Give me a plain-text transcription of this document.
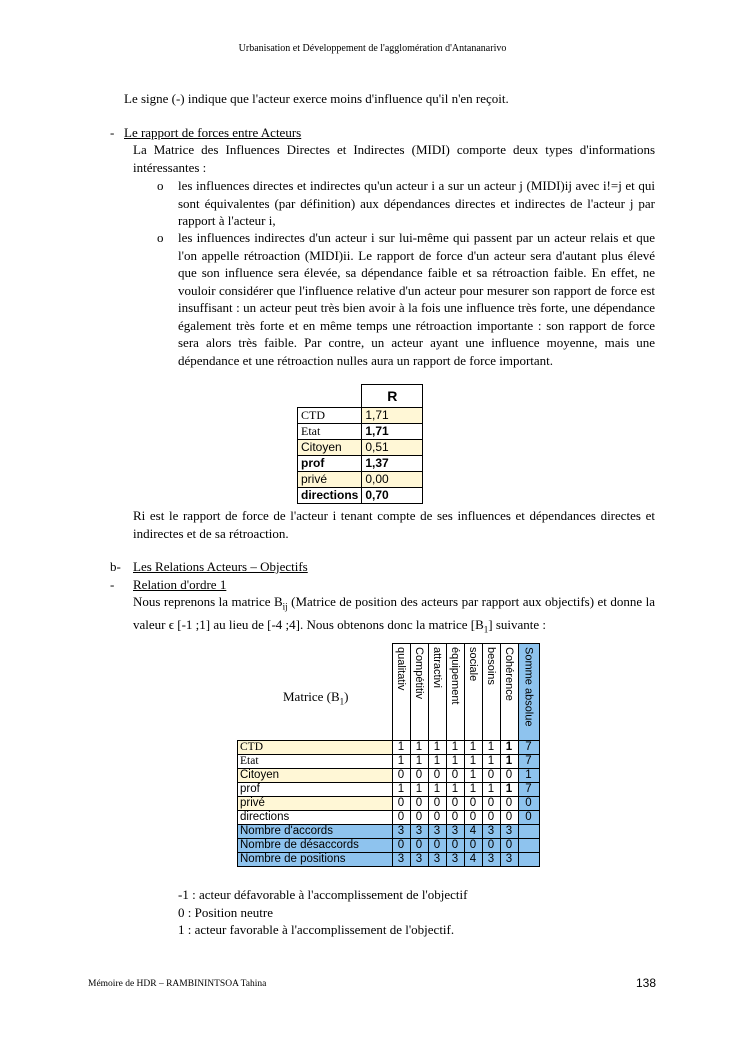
Urbanisation et Développement de l'agglomération d'Antananarivo
Le signe (-) indique que l'acteur exerce moins d'influence qu'il n'en reçoit.
- Le rapport de forces entre Acteurs
La Matrice des Influences Directes et Indirectes (MIDI) comporte deux types d'informations intéressantes :
o les influences directes et indirectes qu'un acteur i a sur un acteur j (MIDI)ij avec i!=j et qui sont équivalentes (par définition) aux dépendances directes et indirectes de l'acteur j par rapport à l'acteur i,
o les influences indirectes d'un acteur i sur lui-même qui passent par un acteur relais et que l'on appelle rétroaction (MIDI)ii. Le rapport de force d'un acteur sera d'autant plus élevé que son influence sera élevée, sa dépendance faible et sa rétroaction faible. En effet, ne vouloir considérer que l'influence relative d'un acteur pour mesurer son rapport de force est insuffisant : un acteur peut très bien avoir à la fois une influence très forte, une dépendance également très forte et en même temps une rétroaction importante : son rapport de force sera alors très faible. Par contre, un acteur ayant une influence moyenne, mais une dépendance et une rétroaction nulles aura un rapport de force important.
	R
CTD	1,71
Etat	1,71
Citoyen	0,51
prof	1,37
privé	0,00
directions	0,70
Ri est le rapport de force de l'acteur i tenant compte de ses influences et dépendances directes et indirectes et de sa rétroaction.
b- Les Relations Acteurs – Objectifs
- Relation d'ordre 1
Nous reprenons la matrice $B_{ij}$ (Matrice de position des acteurs par rapport aux objectifs) et donne la valeur ϵ [-1 ;1] au lieu de [-4 ;4]. Nous obtenons donc la matrice $[B_1]$ suivante :
Matrice $(B_1)$
	qualitativ	Compétitiv	attractivi	équipement	sociale	besoins	Cohérence	Somme absolue
CTD	1	1	1	1	1	1	1	7
Etat	1	1	1	1	1	1	1	7
Citoyen	0	0	0	0	1	0	0	1
prof	1	1	1	1	1	1	1	7
privé	0	0	0	0	0	0	0	0
directions	0	0	0	0	0	0	0	0
Nombre d'accords	3	3	3	3	4	3	3	
Nombre de désaccords	0	0	0	0	0	0	0	
Nombre de positions	3	3	3	3	4	3	3	
-1 : acteur défavorable à l'accomplissement de l'objectif
0 : Position neutre
1 : acteur favorable à l'accomplissement de l'objectif.
Mémoire de HDR – RAMBININTSOA Tahina	138
